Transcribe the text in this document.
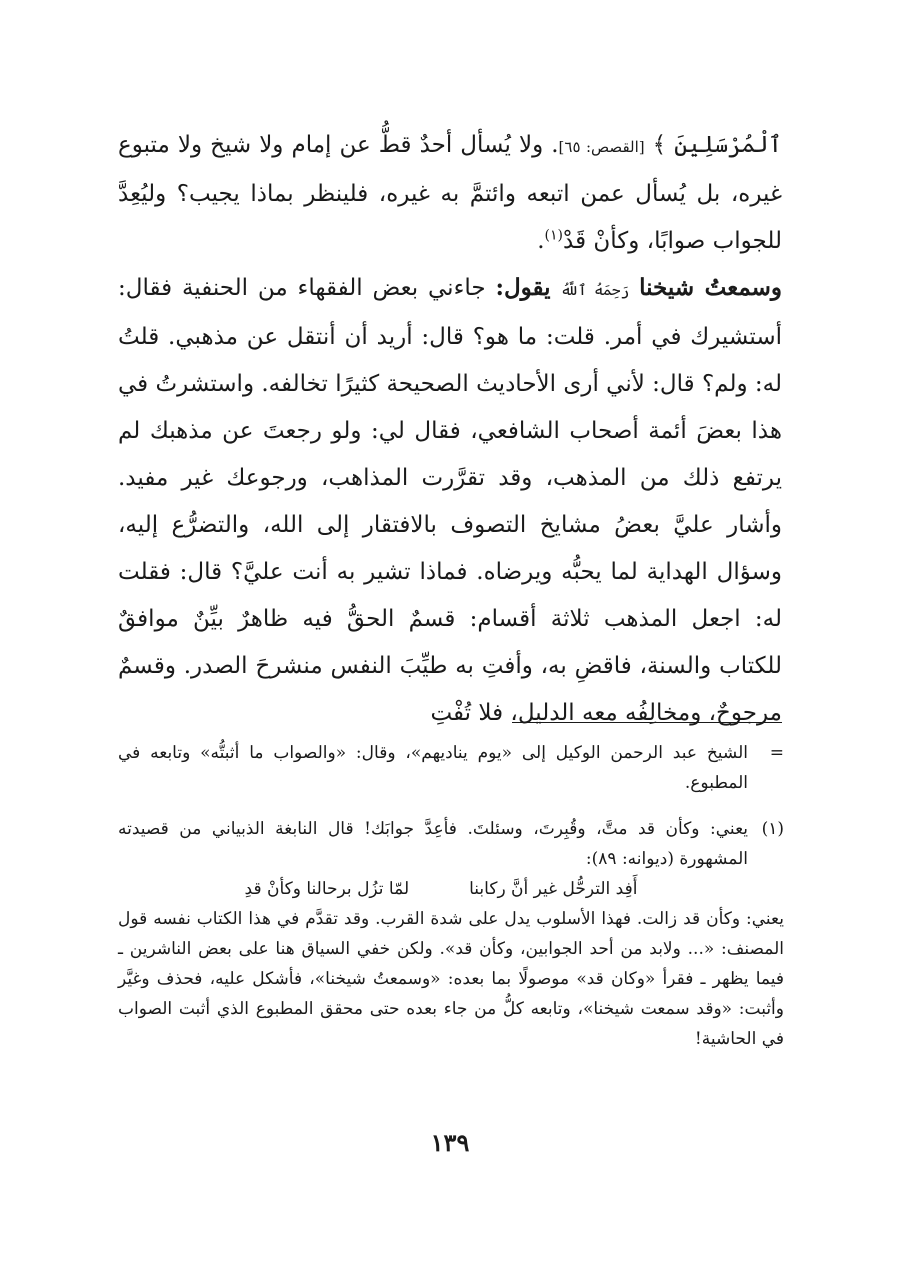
ٱلْمُرْسَلِينَ ﴾ [القصص: ٦٥]. ولا يُسأل أحدٌ قطُّ عن إمام ولا شيخ ولا متبوع غيره، بل يُسأل عمن اتبعه وائتمَّ به غيره، فلينظر بماذا يجيب؟ وليُعِدَّ للجواب صوابًا، وكأنْ قَدْ$^{(١)}$.

وسمعتُ شيخنا رَحِمَهُ ٱللَّهُ يقول: جاءني بعض الفقهاء من الحنفية فقال: أستشيرك في أمر. قلت: ما هو؟ قال: أريد أن أنتقل عن مذهبي. قلتُ له: ولم؟ قال: لأني أرى الأحاديث الصحيحة كثيرًا تخالفه. واستشرتُ في هذا بعضَ أئمة أصحاب الشافعي، فقال لي: ولو رجعتَ عن مذهبك لم يرتفع ذلك من المذهب، وقد تقرَّرت المذاهب، ورجوعك غير مفيد. وأشار عليَّ بعضُ مشايخ التصوف بالافتقار إلى الله، والتضرُّع إليه، وسؤال الهداية لما يحبُّه ويرضاه. فماذا تشير به أنت عليَّ؟ قال: فقلت له: اجعل المذهب ثلاثة أقسام: قسمٌ الحقُّ فيه ظاهرٌ بيِّنٌ موافقٌ للكتاب والسنة، فاقضِ به، وأفتِ به طيِّبَ النفس منشرحَ الصدر. وقسمٌ مرجوحٌ، ومخالِفُه معه الدليل، فلا تُفْتِ

=
الشيخ عبد الرحمن الوكيل إلى «يوم يناديهم»، وقال: «والصواب ما أثبتُّه» وتابعه في المطبوع.
(١)
يعني: وكأن قد متَّ، وقُبِرتَ، وسئلتَ. فأعِدَّ جوابَك! قال النابغة الذبياني من قصيدته المشهورة (ديوانه: ٨٩):
أَفِد الترحُّل غير أنَّ ركابنا
لمّا تزُل برحالنا وكأنْ قدِ
يعني: وكأن قد زالت. فهذا الأسلوب يدل على شدة القرب. وقد تقدَّم في هذا الكتاب نفسه قول المصنف: «... ولابد من أحد الجوابين، وكأن قد». ولكن خفي السياق هنا على بعض الناشرين ـ فيما يظهر ـ فقرأ «وكان قد» موصولًا بما بعده: «وسمعتُ شيخنا»، فأشكل عليه، فحذف وغيَّر وأثبت: «وقد سمعت شيخنا»، وتابعه كلُّ من جاء بعده حتى محقق المطبوع الذي أثبت الصواب في الحاشية!
١٣٩
